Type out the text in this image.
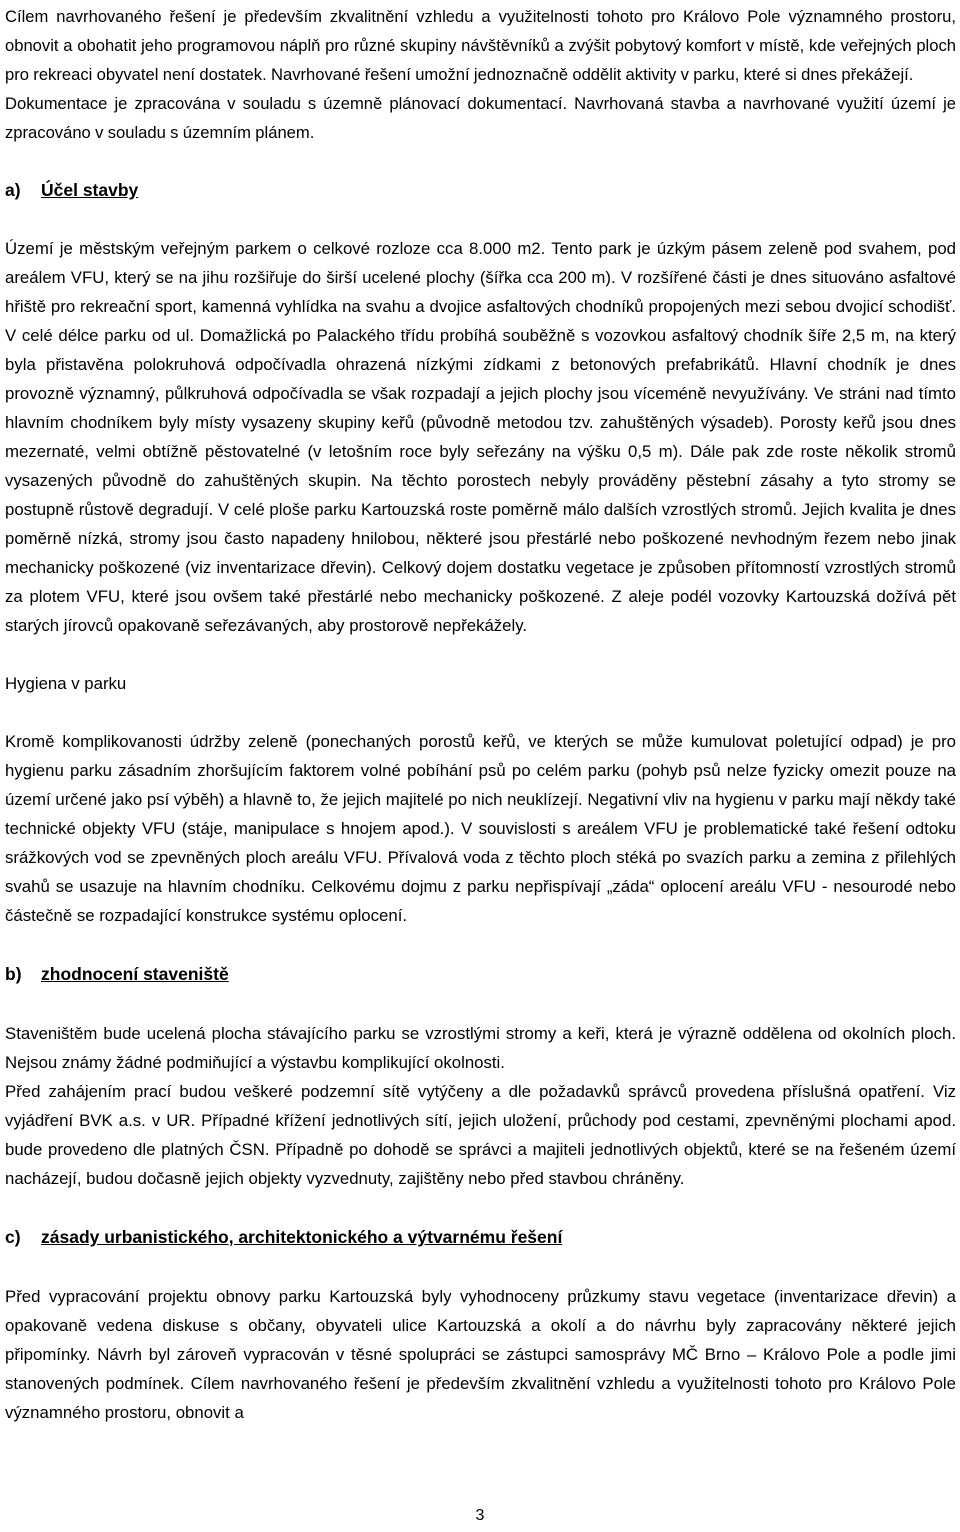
Cílem navrhovaného řešení je především zkvalitnění vzhledu a využitelnosti tohoto pro Královo Pole významného prostoru, obnovit a obohatit jeho programovou náplň pro různé skupiny návštěvníků a zvýšit pobytový komfort v místě, kde veřejných ploch pro rekreaci obyvatel není dostatek. Navrhované řešení umožní jednoznačně oddělit aktivity v parku, které si dnes překážejí.

Dokumentace je zpracována v souladu s územně plánovací dokumentací. Navrhovaná stavba a navrhované využití území je zpracováno v souladu s územním plánem.

a) Účel stavby

Území je městským veřejným parkem o celkové rozloze cca 8.000 m2. Tento park je úzkým pásem zeleně pod svahem, pod areálem VFU, který se na jihu rozšiřuje do širší ucelené plochy (šířka cca 200 m). V rozšířené části je dnes situováno asfaltové hřiště pro rekreační sport, kamenná vyhlídka na svahu a dvojice asfaltových chodníků propojených mezi sebou dvojicí schodišť. V celé délce parku od ul. Domažlická po Palackého třídu probíhá souběžně s vozovkou asfaltový chodník šíře 2,5 m, na který byla přistavěna polokruhová odpočívadla ohrazená nízkými zídkami z betonových prefabrikátů. Hlavní chodník je dnes provozně významný, půlkruhová odpočívadla se však rozpadají a jejich plochy jsou víceméně nevyužívány. Ve stráni nad tímto hlavním chodníkem byly místy vysazeny skupiny keřů (původně metodou tzv. zahuštěných výsadeb). Porosty keřů jsou dnes mezernaté, velmi obtížně pěstovatelné (v letošním roce byly seřezány na výšku 0,5 m). Dále pak zde roste několik stromů vysazených původně do zahuštěných skupin. Na těchto porostech nebyly prováděny pěstební zásahy a tyto stromy se postupně růstově degradují. V celé ploše parku Kartouzská roste poměrně málo dalších vzrostlých stromů. Jejich kvalita je dnes poměrně nízká, stromy jsou často napadeny hnilobou, některé jsou přestárlé nebo poškozené nevhodným řezem nebo jinak mechanicky poškozené (viz inventarizace dřevin). Celkový dojem dostatku vegetace je způsoben přítomností vzrostlých stromů za plotem VFU, které jsou ovšem také přestárlé nebo mechanicky poškozené. Z aleje podél vozovky Kartouzská dožívá pět starých jírovců opakovaně seřezávaných, aby prostorově nepřekážely.

Hygiena v parku

Kromě komplikovanosti údržby zeleně (ponechaných porostů keřů, ve kterých se může kumulovat poletující odpad) je pro hygienu parku zásadním zhoršujícím faktorem volné pobíhání psů po celém parku (pohyb psů nelze fyzicky omezit pouze na území určené jako psí výběh) a hlavně to, že jejich majitelé po nich neuklízejí. Negativní vliv na hygienu v parku mají někdy také technické objekty VFU (stáje, manipulace s hnojem apod.). V souvislosti s areálem VFU je problematické také řešení odtoku srážkových vod se zpevněných ploch areálu VFU. Přívalová voda z těchto ploch stéká po svazích parku a zemina z přilehlých svahů se usazuje na hlavním chodníku. Celkovému dojmu z parku nepřispívají „záda“ oplocení areálu VFU - nesourodé nebo částečně se rozpadající konstrukce systému oplocení.

b) zhodnocení staveniště

Staveništěm bude ucelená plocha stávajícího parku se vzrostlými stromy a keři, která je výrazně oddělena od okolních ploch. Nejsou známy žádné podmiňující a výstavbu komplikující okolnosti.

Před zahájením prací budou veškeré podzemní sítě vytýčeny a dle požadavků správců provedena příslušná opatření. Viz vyjádření BVK a.s. v UR. Případné křížení jednotlivých sítí, jejich uložení, průchody pod cestami, zpevněnými plochami apod. bude provedeno dle platných ČSN. Případně po dohodě se správci a majiteli jednotlivých objektů, které se na řešeném území nacházejí, budou dočasně jejich objekty vyzvednuty, zajištěny nebo před stavbou chráněny.

c) zásady urbanistického, architektonického a výtvarnému řešení

Před vypracování projektu obnovy parku Kartouzská byly vyhodnoceny průzkumy stavu vegetace (inventarizace dřevin) a opakovaně vedena diskuse s občany, obyvateli ulice Kartouzská a okolí a do návrhu byly zapracovány některé jejich připomínky. Návrh byl zároveň vypracován v těsné spolupráci se zástupci samosprávy MČ Brno – Královo Pole a podle jimi stanovených podmínek. Cílem navrhovaného řešení je především zkvalitnění vzhledu a využitelnosti tohoto pro Královo Pole významného prostoru, obnovit a

3
